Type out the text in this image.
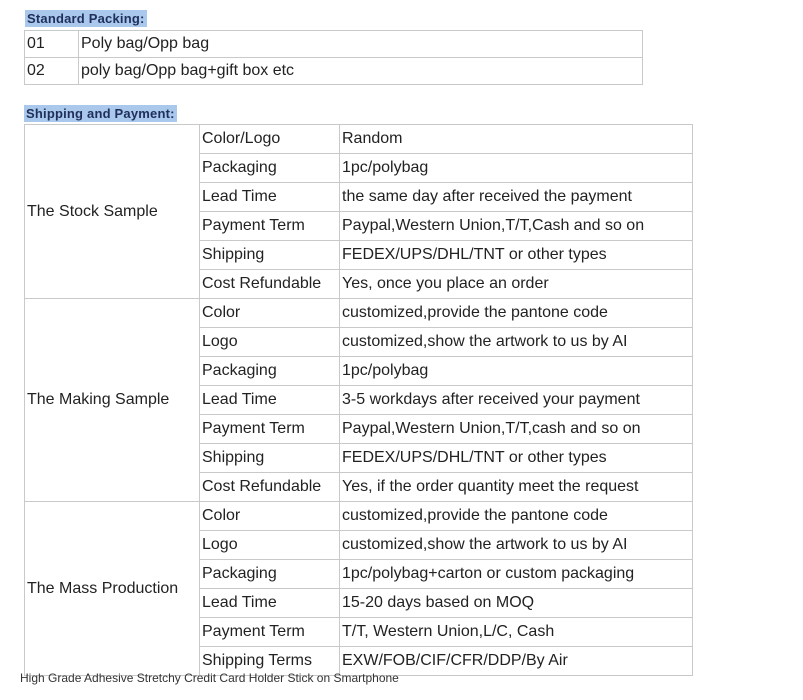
Standard Packing:
01	Poly bag/Opp bag
02	poly bag/Opp bag+gift box etc
Shipping and Payment:
The Stock Sample	Color/Logo	Random
	Packaging	1pc/polybag
	Lead Time	the same day after received the payment
	Payment Term	Paypal,Western Union,T/T,Cash and so on
	Shipping	FEDEX/UPS/DHL/TNT or other types
	Cost Refundable	Yes, once you place an order
The Making Sample	Color	customized,provide the pantone code
	Logo	customized,show the artwork to us by AI
	Packaging	1pc/polybag
	Lead Time	3-5 workdays after received your payment
	Payment Term	Paypal,Western Union,T/T,cash and so on
	Shipping	FEDEX/UPS/DHL/TNT or other types
	Cost Refundable	Yes, if the order quantity meet the request
The Mass Production	Color	customized,provide the pantone code
	Logo	customized,show the artwork to us by AI
	Packaging	1pc/polybag+carton or custom packaging
	Lead Time	15-20 days based on MOQ
	Payment Term	T/T, Western Union,L/C, Cash
	Shipping Terms	EXW/FOB/CIF/CFR/DDP/By Air
High Grade Adhesive Stretchy Credit Card Holder Stick on Smartphone
